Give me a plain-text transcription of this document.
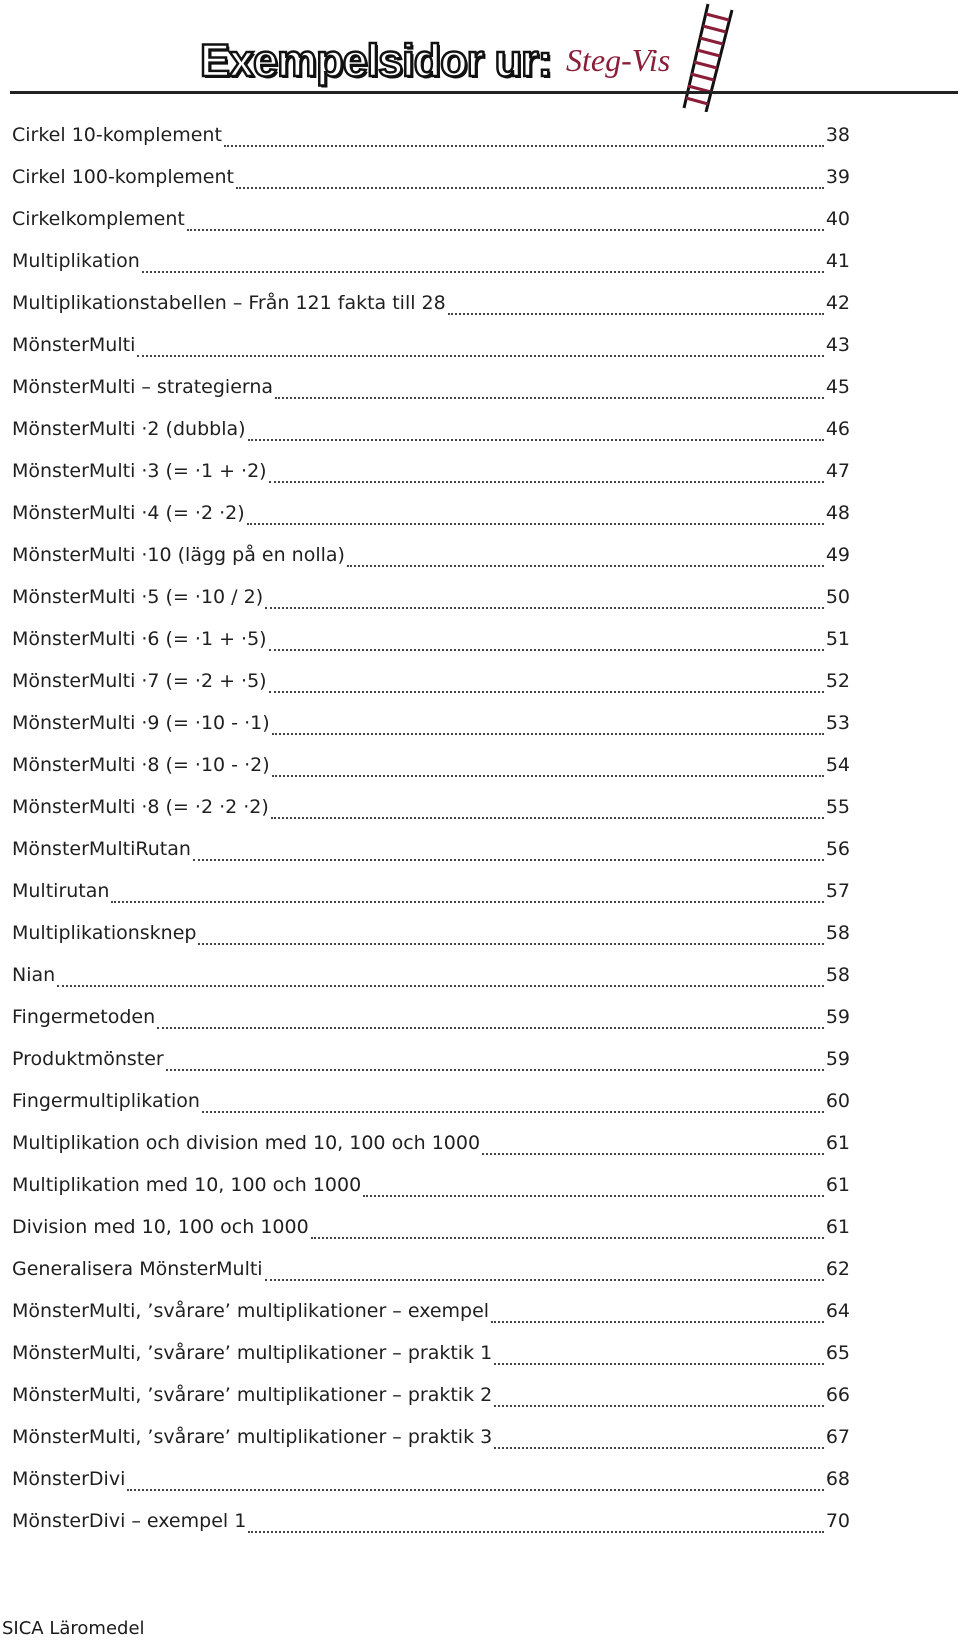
Exempelsidor ur: Steg-Vis
Cirkel 10-komplement	38
Cirkel 100-komplement	39
Cirkelkomplement	40
Multiplikation	41
Multiplikationstabellen – Från 121 fakta till 28	42
MönsterMulti	43
MönsterMulti – strategierna	45
MönsterMulti ·2 (dubbla)	46
MönsterMulti ·3 (= ·1 + ·2)	47
MönsterMulti ·4 (= ·2 ·2)	48
MönsterMulti ·10 (lägg på en nolla)	49
MönsterMulti ·5 (= ·10 / 2)	50
MönsterMulti ·6 (= ·1 + ·5)	51
MönsterMulti ·7 (= ·2 + ·5)	52
MönsterMulti ·9 (= ·10 - ·1)	53
MönsterMulti ·8 (= ·10 - ·2)	54
MönsterMulti ·8 (= ·2 ·2 ·2)	55
MönsterMultiRutan	56
Multirutan	57
Multiplikationsknep	58
Nian	58
Fingermetoden	59
Produktmönster	59
Fingermultiplikation	60
Multiplikation och division med 10, 100 och 1000	61
Multiplikation med 10, 100 och 1000	61
Division med 10, 100 och 1000	61
Generalisera MönsterMulti	62
MönsterMulti, ’svårare’ multiplikationer – exempel	64
MönsterMulti, ’svårare’ multiplikationer – praktik 1	65
MönsterMulti, ’svårare’ multiplikationer – praktik 2	66
MönsterMulti, ’svårare’ multiplikationer – praktik 3	67
MönsterDivi	68
MönsterDivi – exempel 1	70
SICA Läromedel
